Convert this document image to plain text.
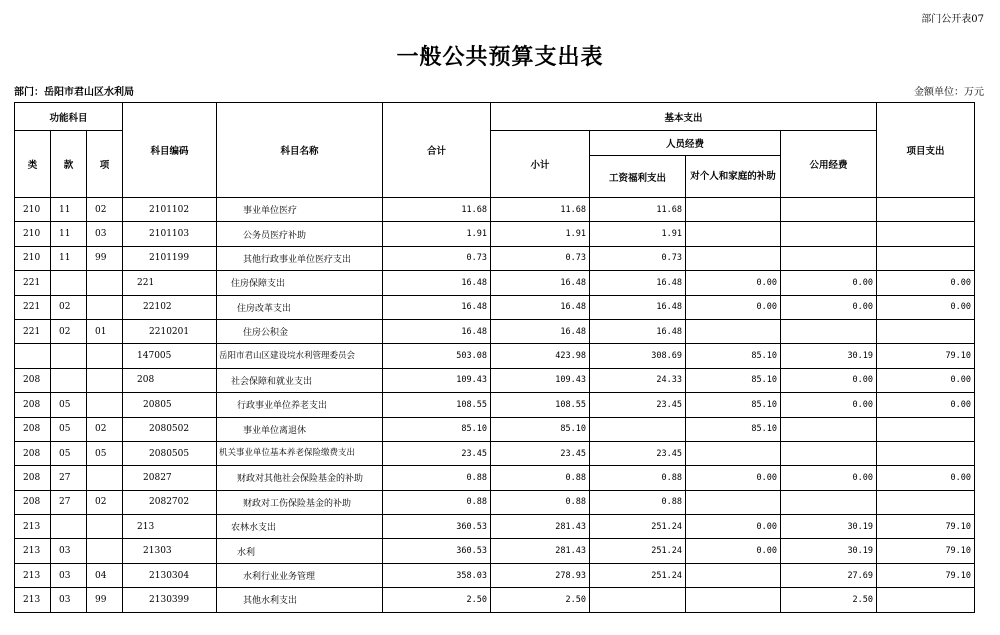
部门公开表07
一般公共预算支出表
部门：岳阳市君山区水利局	金额单位：万元
功能科目			科目编码	科目名称	合计	基本支出				项目支出
类	款	项				小计	人员经费		公用经费	
							工资福利支出	对个人和家庭的补助		
210	11	02	2101102	事业单位医疗	11.68	11.68	11.68			
210	11	03	2101103	公务员医疗补助	1.91	1.91	1.91			
210	11	99	2101199	其他行政事业单位医疗支出	0.73	0.73	0.73			
221			221	住房保障支出	16.48	16.48	16.48	0.00	0.00	0.00
221	02		22102	住房改革支出	16.48	16.48	16.48	0.00	0.00	0.00
221	02	01	2210201	住房公积金	16.48	16.48	16.48			
			147005	岳阳市君山区建设垸水利管理委员会	503.08	423.98	308.69	85.10	30.19	79.10
208			208	社会保障和就业支出	109.43	109.43	24.33	85.10	0.00	0.00
208	05		20805	行政事业单位养老支出	108.55	108.55	23.45	85.10	0.00	0.00
208	05	02	2080502	事业单位离退休	85.10	85.10		85.10		
208	05	05	2080505	机关事业单位基本养老保险缴费支出	23.45	23.45	23.45			
208	27		20827	财政对其他社会保险基金的补助	0.88	0.88	0.88	0.00	0.00	0.00
208	27	02	2082702	财政对工伤保险基金的补助	0.88	0.88	0.88			
213			213	农林水支出	360.53	281.43	251.24	0.00	30.19	79.10
213	03		21303	水利	360.53	281.43	251.24	0.00	30.19	79.10
213	03	04	2130304	水利行业业务管理	358.03	278.93	251.24		27.69	79.10
213	03	99	2130399	其他水利支出	2.50	2.50			2.50	
